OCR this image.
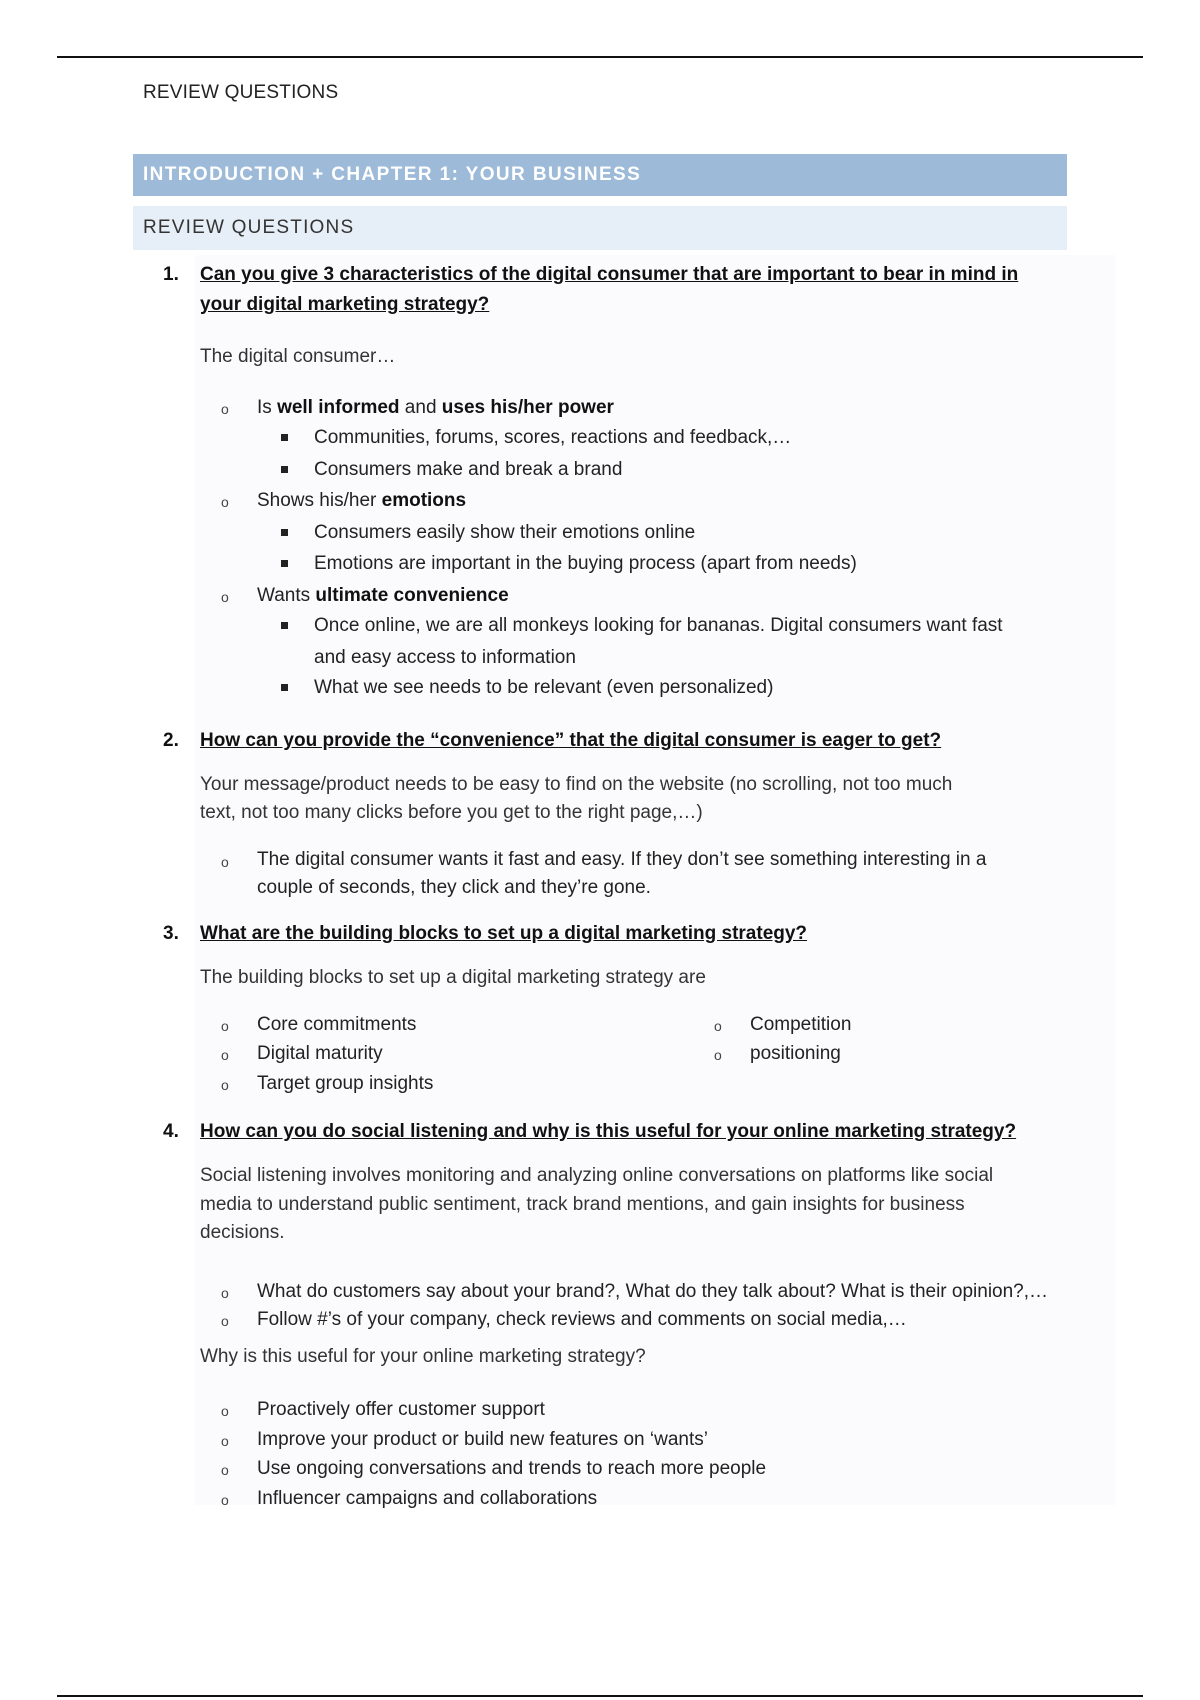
REVIEW QUESTIONS
INTRODUCTION + CHAPTER 1: YOUR BUSINESS
REVIEW QUESTIONS
1. Can you give 3 characteristics of the digital consumer that are important to bear in mind in
your digital marketing strategy?
The digital consumer…
o Is well informed and uses his/her power
Communities, forums, scores, reactions and feedback,…
Consumers make and break a brand
o Shows his/her emotions
Consumers easily show their emotions online
Emotions are important in the buying process (apart from needs)
o Wants ultimate convenience
Once online, we are all monkeys looking for bananas. Digital consumers want fast
and easy access to information
What we see needs to be relevant (even personalized)
2. How can you provide the “convenience” that the digital consumer is eager to get?
Your message/product needs to be easy to find on the website (no scrolling, not too much
text, not too many clicks before you get to the right page,…)
o The digital consumer wants it fast and easy. If they don’t see something interesting in a
couple of seconds, they click and they’re gone.
3. What are the building blocks to set up a digital marketing strategy?
The building blocks to set up a digital marketing strategy are
o Core commitments
o Digital maturity
o Target group insights
o Competition
o positioning
4. How can you do social listening and why is this useful for your online marketing strategy?
Social listening involves monitoring and analyzing online conversations on platforms like social
media to understand public sentiment, track brand mentions, and gain insights for business
decisions.
o What do customers say about your brand?, What do they talk about? What is their opinion?,…
o Follow #’s of your company, check reviews and comments on social media,…
Why is this useful for your online marketing strategy?
o Proactively offer customer support
o Improve your product or build new features on ‘wants’
o Use ongoing conversations and trends to reach more people
o Influencer campaigns and collaborations
